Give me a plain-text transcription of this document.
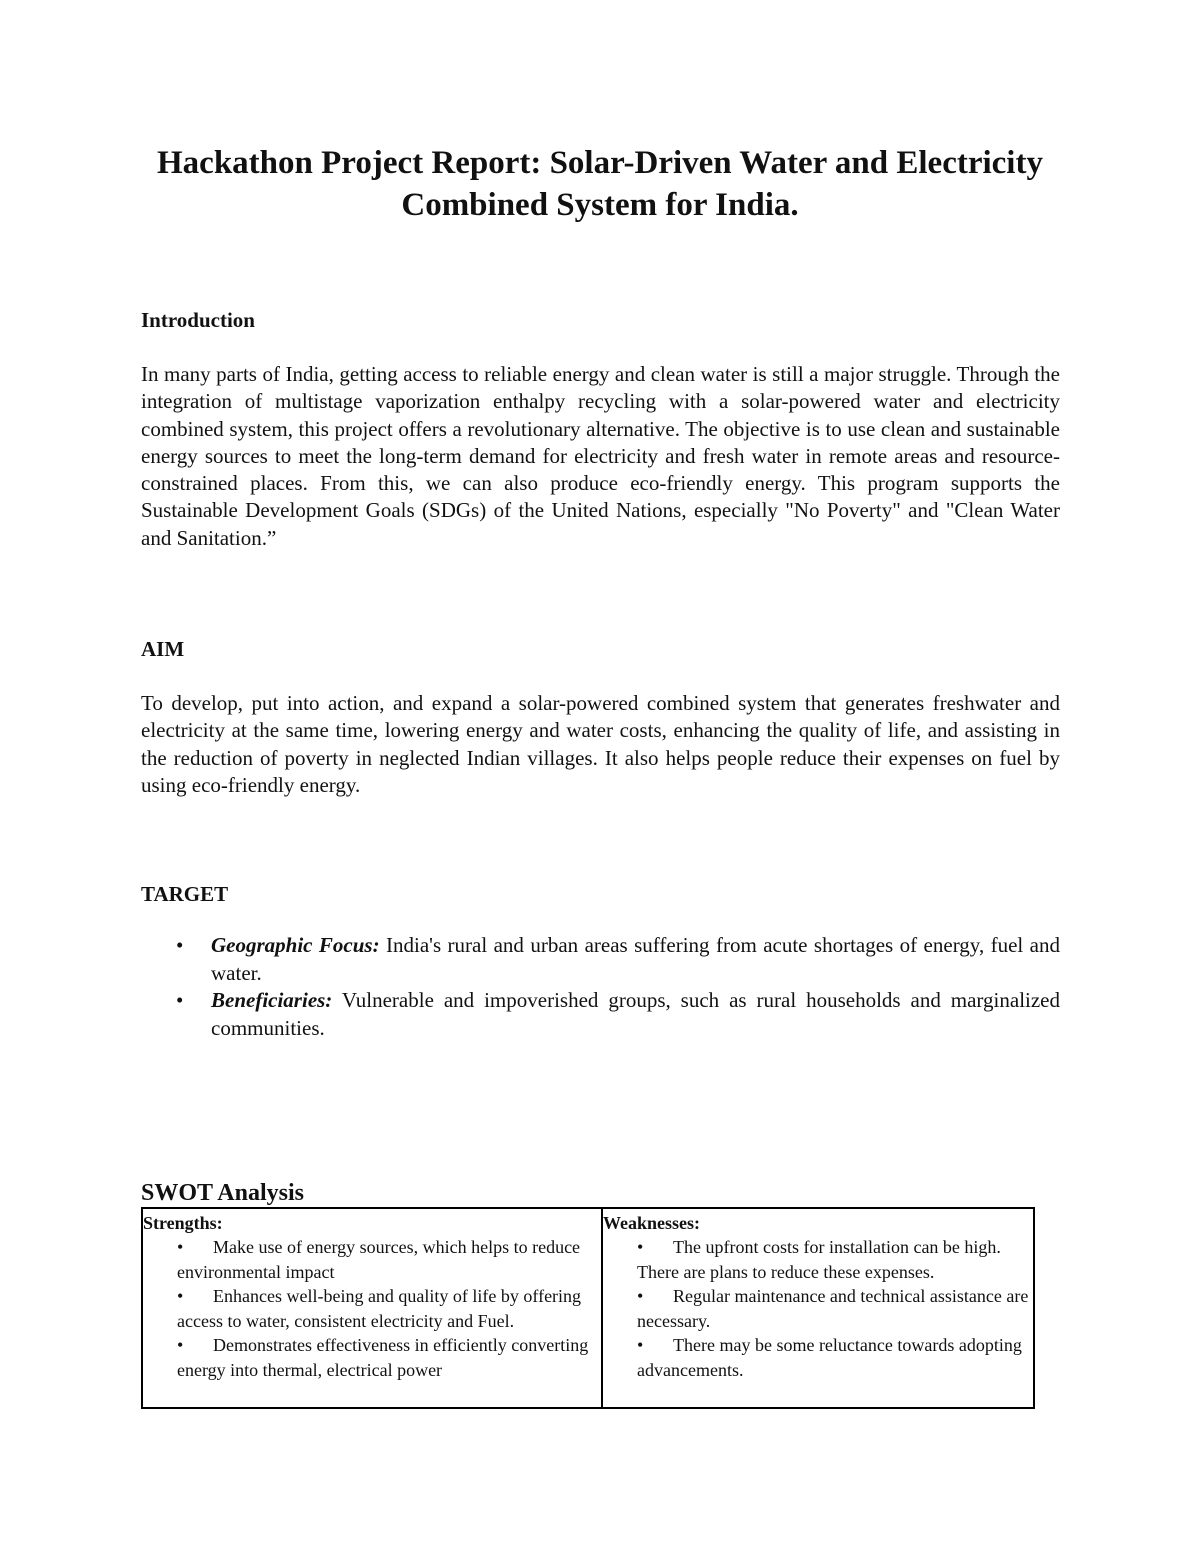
Hackathon Project Report: Solar-Driven Water and Electricity Combined System for India.
Introduction

In many parts of India, getting access to reliable energy and clean water is still a major struggle. Through the integration of multistage vaporization enthalpy recycling with a solar-powered water and electricity combined system, this project offers a revolutionary alternative. The objective is to use clean and sustainable energy sources to meet the long-term demand for electricity and fresh water in remote areas and resource-constrained places. From this, we can also produce eco-friendly energy. This program supports the Sustainable Development Goals (SDGs) of the United Nations, especially "No Poverty" and "Clean Water and Sanitation.”

AIM

To develop, put into action, and expand a solar-powered combined system that generates freshwater and electricity at the same time, lowering energy and water costs, enhancing the quality of life, and assisting in the reduction of poverty in neglected Indian villages. It also helps people reduce their expenses on fuel by using eco-friendly energy.

TARGET
• Geographic Focus: India's rural and urban areas suffering from acute shortages of energy, fuel and water.
• Beneficiaries: Vulnerable and impoverished groups, such as rural households and marginalized communities.
SWOT Analysis
Strengths:
• Make use of energy sources, which helps to reduce environmental impact
• Enhances well-being and quality of life by offering access to water, consistent electricity and Fuel.
• Demonstrates effectiveness in efficiently converting energy into thermal, electrical power
Weaknesses:
• The upfront costs for installation can be high. There are plans to reduce these expenses.
• Regular maintenance and technical assistance are necessary.
• There may be some reluctance towards adopting advancements.
